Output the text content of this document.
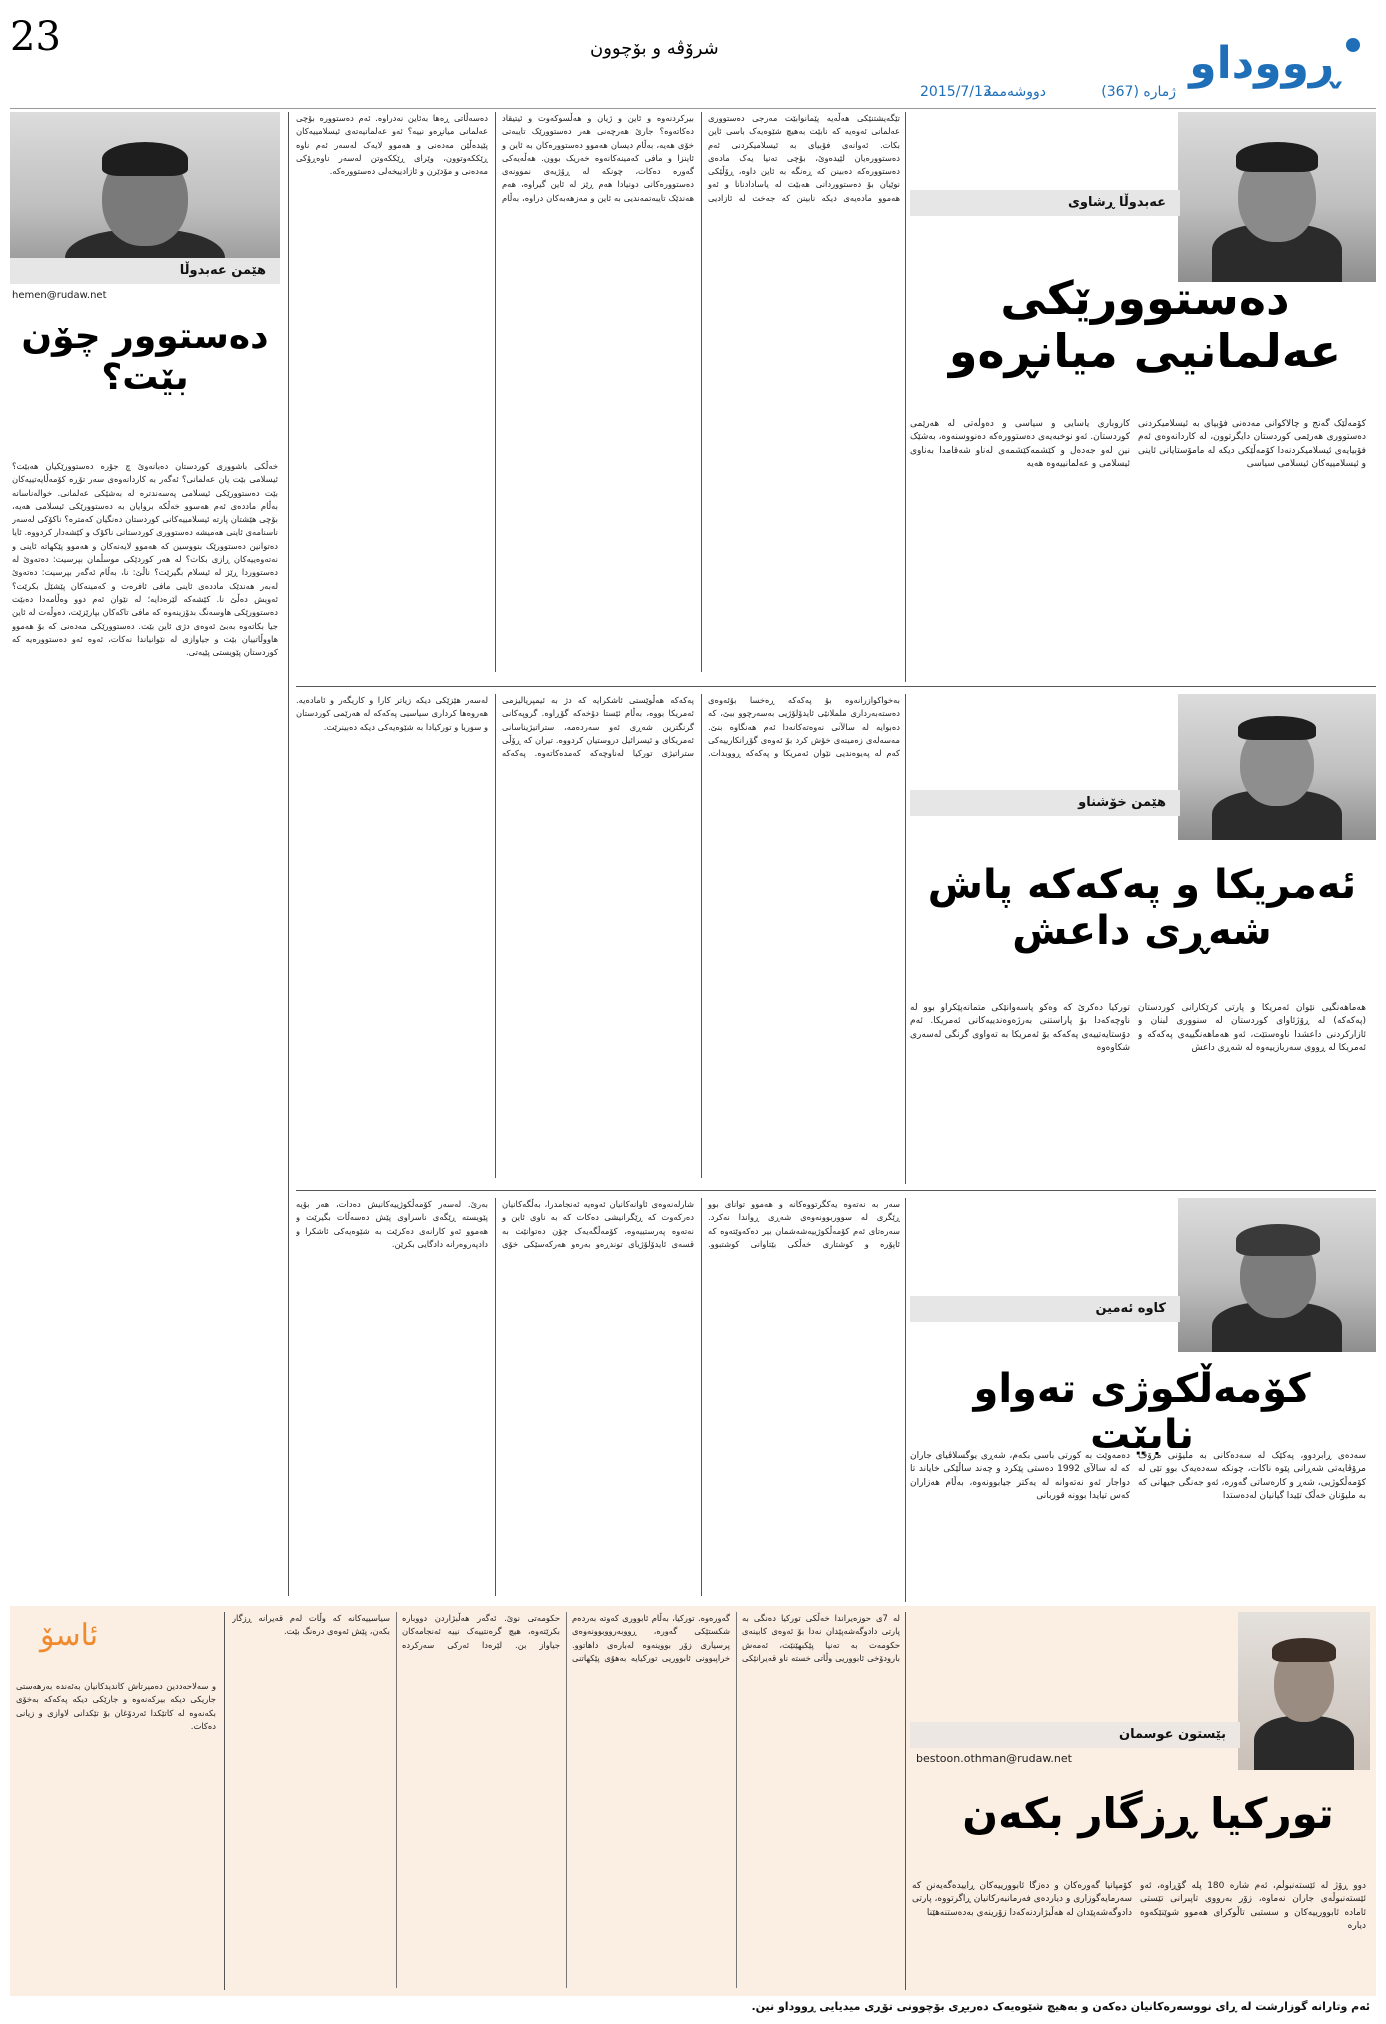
23	شرۆڤە و بۆچوون	ڕووداو
ژمارە (367)
دووشەممە
2015/7/13
هێمن عەبدوڵا
hemen@rudaw.net
دەستوور چۆن بێت؟
خەڵکی باشووری کوردستان دەبانەوێ چ جۆرە دەستوورێکیان هەبێت؟ ئیسلامی بێت یان عەلمانی؟ ئەگەر بە کاردانەوەی سەر تۆڕە کۆمەڵایەتییەکان بێت دەستوورێکی ئیسلامی پەسەندترە لە بەشێکی عەلمانی. خوالەناسانە بەڵام ماددەی ئەم هەسوو خەڵکە بروایان بە دەستوورێکی ئیسلامی هەیە، بۆچی هێشتان پارتە ئیسلامییەکانی کوردستان دەنگیان کەمترە؟ ناکۆکی لەسەر ناسنامەی ئاینی هەمیشە دەستووری کوردستانی ناکۆک و کێشەدار کردووە. ئایا دەتوانین دەستوورێک بنووسین کە هەموو لایەنەکان و هەموو پێکهاتە ئاینی و نەتەوەییەکان ڕازی بکات؟ لە هەر کوردێکی موسڵمان بپرسیت: دەتەوێ لە دەستووردا ڕێز لە ئیسلام بگیرێت؟ ناڵێ: نا، بەڵام ئەگەر بپرسیت: دەتەوێ لەبەر هەندێک ماددەی ئاینی مافی ئافرەت و کەمینەکان پێشێل بکرێت؟ ئەویش دەڵێ نا. کێشەکە لێرەدایە؛ لە نێوان ئەم دوو وەڵامەدا دەبێت دەستوورێکی هاوسەنگ بدۆزینەوە کە مافی تاکەکان بپارێزێت، دەوڵەت لە ئاین جیا بکاتەوە بەبێ ئەوەی دژی ئاین بێت. دەستوورێکی مەدەنی کە بۆ هەموو هاووڵاتییان بێت و جیاوازی لە نێوانیاندا نەکات، ئەوە ئەو دەستوورەیە کە کوردستان پێویستی پێیەتی.
عەبدوڵا ڕشاوی
دەستوورێکی عەلمانیی میانڕەو
کۆمەڵێک گەنج و چالاکوانی مەدەنی فۆبیای بە ئیسلامیکردنی دەستووری هەرێمی کوردستان دایگرتوون، لە کاردانەوەی ئەم فۆبیایەی ئیسلامیکردنەدا کۆمەڵێکی دیکە لە مامۆستایانی ئاینی و ئیسلامییەکان ئیسلامی سیاسی
کاروباری یاسایی و سیاسی و دەوڵەتی لە هەرێمی کوردستان. ئەو نوخبەیەی دەستوورەکە دەنووسنەوە، بەشێک نین لەو جەدەل و کێشمەکێشمەی لەناو شەقامدا بەناوی ئیسلامی و عەلمانییەوە هەیە
تێگەیشتنێکی هەڵەیە پێمانوابێت مەرجی دەستووری عەلمانی ئەوەیە کە نابێت بەهیچ شێوەیەک باسی ئاین بکات. ئەوانەی فۆبیای بە ئیسلامیکردنی ئەم دەستوورەیان لێیدەوێ، بۆچی تەنیا یەک مادەی دەستوورەکە دەبینن کە ڕەنگە بە ئاین داوە، ڕۆڵێکی نوێیان بۆ دەستووردانی هەبێت لە یاسادادنانا و ئەو هەموو مادەیەی دیکە نابینن کە جەخت لە ئازادیی بیرکردنەوە و ئاین و ژیان و هەڵسوکەوت و ئیتیقاد دەکاتەوە؟ جارێ هەرچەنی هەر دەستوورێک تایبەتی خۆی هەیە، بەڵام دیسان هەموو دەستوورەکان بە ئاین و ئاینزا و مافی کەمینەکانەوە خەریک بوون. هەڵەیەکی گەورە دەکات، چونکە لە ڕۆژیەی نموونەی دەستوورەکانی دونیادا هەم ڕێز لە ئاین گیراوە، هەم هەندێک تایبەتمەندیی بە ئاین و مەزهەبەکان دراوە، بەڵام دەسەڵاتی ڕەها بەئاین نەدراوە. ئەم دەستوورە بۆچی عەلمانی میانڕەو نییە؟ ئەو عەلمانیەتەی ئیسلامییەکان پێیدەڵێن مەدەنی و هەموو لایەک لەسەر ئەم ناوە ڕێککەوتوون، وێرای ڕێککەوتن لەسەر ناوەڕۆکی مەدەنی و مۆدێرن و ئازادییخەلی دەستوورەکە.
هێمن خۆشناو
ئەمریکا و پەکەکە پاش شەڕی داعش
هەماهەنگیی نێوان ئەمریکا و پارتی کرێکارانی کوردستان (پەکەکە) لە ڕۆژئاوای کوردستان لە سنووری لبنان و ئازارکردنی داعشدا ناوەستێت، ئەو هەماهەنگییەی پەکەکە و ئەمریکا لە ڕووی سەربازییەوە لە شەڕی داعش
تورکیا دەکرێ کە وەکو پاسەوانێکی متمانەپێکراو بوو لە ناوچەکەدا بۆ پاراستنی بەرژەوەندییەکانی ئەمریکا. ئەم دۆستایەتییەی پەکەکە بۆ ئەمریکا بە تەواوی گرنگی لەسەری شکاوەوە
بەخواکوازرانەوە بۆ پەکەکە ڕەخسا بۆئەوەی دەستەبەرداری ململانێی ئایدۆلۆژیی بەسەرچوو ببێ، کە دەبوایە لە سالآنی نەوەتەکانەدا ئەم هەنگاوە بنێ. مەسەلەی زەمینەی خۆش کرد بۆ ئەوەی گۆڕانکارییەکی کەم لە پەیوەندیی نێوان ئەمریکا و پەکەکە ڕووبدات. پەکەکە هەڵوێستی ئاشکرایە کە دژ بە ئیمپریالیزمی ئەمریکا بووە، بەڵام ئێستا دۆخەکە گۆڕاوە. گروپەکانی گرنگترین شەڕی ئەو سەردەمە، ستراتیژیناسانی ئەمریکای و ئیسرائیل دروستیان کردووە. تیران کە ڕۆڵی ستراتیژی تورکیا لەناوچەکە کەمدەکاتەوە. پەکەکە لەسەر هێزێکی دیکە زیاتر کارا و کاریگەر و ئامادەیە. هەروەها کرداری سیاسیی پەکەکە لە هەرێمی کوردستان و سوریا و تورکیادا بە شێوەیەکی دیکە دەبینرێت.
کاوە ئەمین
کۆمەڵکوژی تەواو نابێت
سەدەی ڕابردوو، پەکێک لە سەدەکانی بە ملیۆنی مرۆڤ مرۆڤایەتی شەڕانی پێوە ناکات، چونکە سەدەیەک بوو تێی لە کۆمەڵکوژیی، شەڕ و کارەساتی گەورە، ئەو جەنگی جیهانی کە بە ملیۆنان خەڵک تێیدا گیانیان لەدەستدا
دەمەوێت بە کورتی باسی بکەم، شەڕی یوگسلاڤیای جاران کە لە سالآی 1992 دەستی پێکرد و چەند ساڵێکی خایاند تا دواجار ئەو نەتەوانە لە یەکتر جیابوونەوە، بەڵام هەزاران کەس تیایدا بوونە قوربانی
سەر بە نەتەوە یەکگرتووەکانە و هەموو توانای بوو ڕێگری لە سووربوونەوەی شەڕی ڕواندا نەکرد. سەرەتای ئەم کۆمەڵکوژییەشەشمان بیر دەکەوێتەوە کە ئاپۆرە و کوشتاری خەڵکی بێتاوانی کوشتبوو. شارلەنەوەی ئاوانەکانیان ئەوەیە ئەنجامدرا، بەڵگەکانیان دەرکەوت کە ڕێگرانیشی دەکات کە بە ناوی ئاین و نەتەوە پەرستییەوە، کۆمەڵگەیەک چۆن دەتوانێت بە قسەی ئایدۆلۆژیای توندڕەو بەرەو هەرکەسێکی خۆی بەرێ. لەسەر کۆمەڵکوژییەکانیش دەدات، هەر بۆیە پێویستە ڕێگەی ناسراوی پێش دەسەڵات بگیرێت و هەموو ئەو کارانەی دەکرێت بە شێوەیەکی ئاشکرا و دادپەروەرانە دادگایی بکرێن.
بێستون عوسمان
bestoon.othman@rudaw.net
تورکیا ڕزگار بکەن
دوو ڕۆژ لە ئێستەنبوڵم، ئەم شارە 180 پلە گۆڕاوە، ئەو ئێستەنبوڵەی جاران نەماوە، زۆر بەرووی تاپبرانی تێستی ئامادە ئابوورییەکان و سستبی تاڵوکرای هەموو شوێنێکەوە دیارە
کۆمپانیا گەورەکان و دەزگا ئابوورییەکان ڕاییدەگەیەنن کە سەرمایەگوزاری و دیاردەی فەرمانبەرکانیان ڕاگرتووە، پارتی دادوگەشەپێدان لە هەڵبژاردنەکەدا زۆرینەی بەدەستنەهێنا
لە 7ی حوزەیراندا خەڵکی تورکیا دەنگی بە پارتی دادوگەشەپێدان نەدا بۆ ئەوەی کابینەی حکومەت بە تەنیا پێکبهێنێت، ئەمەش بارودۆخی ئابووریی وڵاتی خستە ناو قەیرانێکی گەورەوە. تورکیا، بەڵام ئابووری کەوتە بەردەم شکستێکی گەورە، ڕووبەرووبوونەوەی پرسیاری زۆر بووینەوە لەبارەی داهاتوو. خراپبوونی ئابووریی تورکیایە بەهۆی پێکهاتنی حکومەتی نوێ. ئەگەر هەڵبژاردن دووبارە بکرێتەوە، هیچ گرەنتییەک نییە ئەنجامەکان جیاواز بن. لێرەدا ئەرکی سەرکردە سیاسییەکانە کە وڵات لەم قەیرانە ڕزگار بکەن، پێش ئەوەی درەنگ بێت.
ئاسۆ
و سەلاحەددین دەمیرتاش کاندیدکانیان بەئەندە بەرهەستی جاریکی دیکە بیرکەنەوە و جارێکی دیکە پەکەکە بەخۆی بکەنەوە لە کاتێکدا ئەردۆغان بۆ تێکدانی لاوازی و زیانی دەکات.
ئەم وتارانە گوزارشت لە ڕای نووسەرەکانیان دەکەن و بەهیچ شێوەیەک دەربڕی بۆچوونی تۆڕی میدیایی ڕووداو نین.
